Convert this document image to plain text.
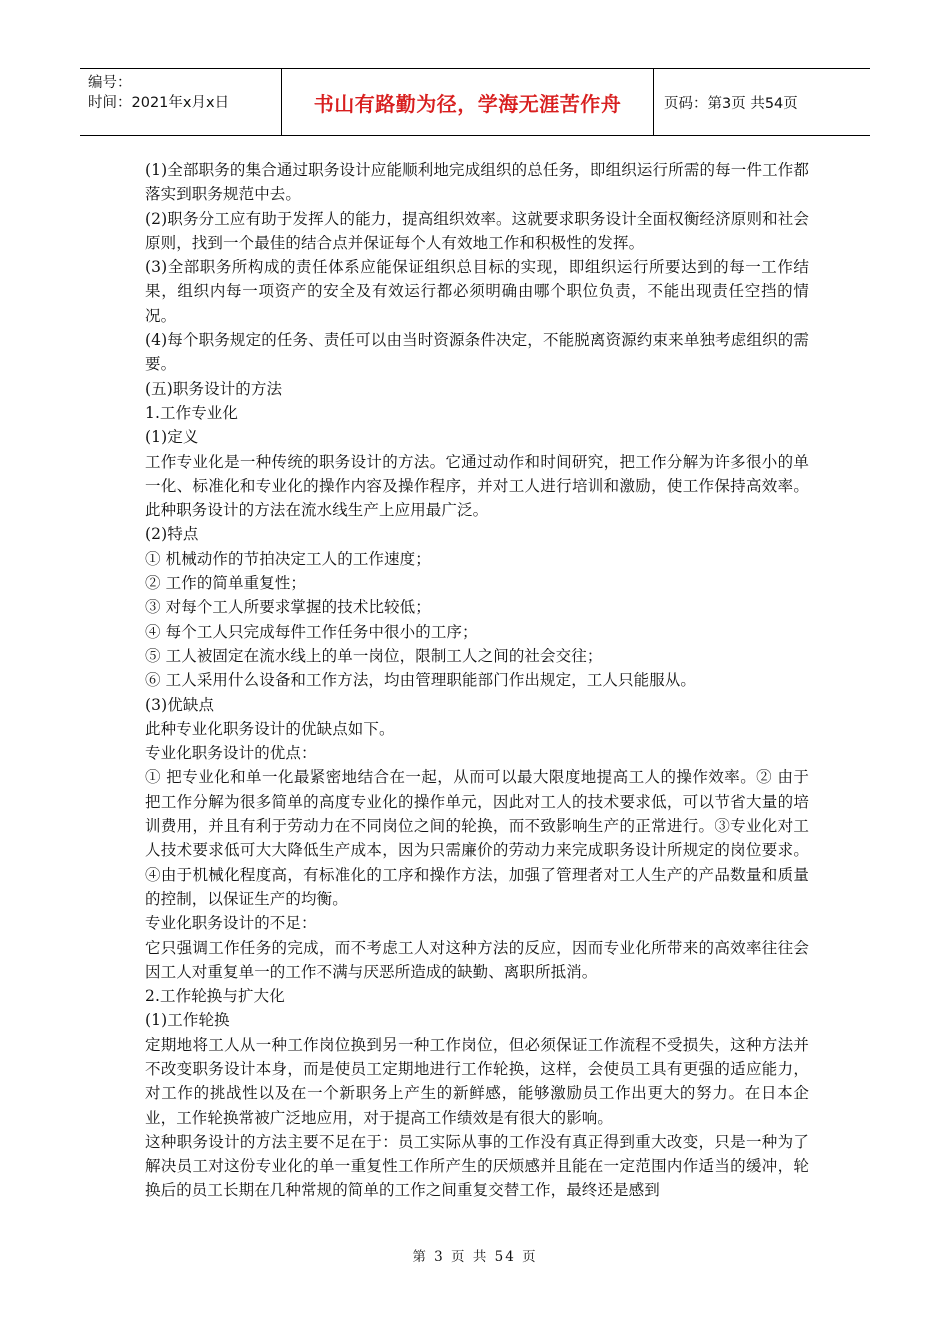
编号：
时间：2021年x月x日	书山有路勤为径，学海无涯苦作舟	页码：第3页 共54页

(1)全部职务的集合通过职务设计应能顺利地完成组织的总任务，即组织运行所需的每一件工作都落实到职务规范中去。

(2)职务分工应有助于发挥人的能力，提高组织效率。这就要求职务设计全面权衡经济原则和社会原则，找到一个最佳的结合点并保证每个人有效地工作和积极性的发挥。

(3)全部职务所构成的责任体系应能保证组织总目标的实现，即组织运行所要达到的每一工作结果，组织内每一项资产的安全及有效运行都必须明确由哪个职位负责，不能出现责任空挡的情况。

(4)每个职务规定的任务、责任可以由当时资源条件决定，不能脱离资源约束来单独考虑组织的需要。

(五)职务设计的方法

1.工作专业化

(1)定义

工作专业化是一种传统的职务设计的方法。它通过动作和时间研究，把工作分解为许多很小的单一化、标准化和专业化的操作内容及操作程序，并对工人进行培训和激励，使工作保持高效率。此种职务设计的方法在流水线生产上应用最广泛。

(2)特点

① 机械动作的节拍决定工人的工作速度；

② 工作的简单重复性；

③ 对每个工人所要求掌握的技术比较低；

④ 每个工人只完成每件工作任务中很小的工序；

⑤ 工人被固定在流水线上的单一岗位，限制工人之间的社会交往；

⑥ 工人采用什么设备和工作方法，均由管理职能部门作出规定，工人只能服从。

(3)优缺点

此种专业化职务设计的优缺点如下。

专业化职务设计的优点：

① 把专业化和单一化最紧密地结合在一起，从而可以最大限度地提高工人的操作效率。② 由于把工作分解为很多简单的高度专业化的操作单元，因此对工人的技术要求低，可以节省大量的培训费用，并且有利于劳动力在不同岗位之间的轮换，而不致影响生产的正常进行。③专业化对工人技术要求低可大大降低生产成本，因为只需廉价的劳动力来完成职务设计所规定的岗位要求。 ④由于机械化程度高，有标准化的工序和操作方法，加强了管理者对工人生产的产品数量和质量的控制，以保证生产的均衡。

专业化职务设计的不足：

它只强调工作任务的完成，而不考虑工人对这种方法的反应，因而专业化所带来的高效率往往会因工人对重复单一的工作不满与厌恶所造成的缺勤、离职所抵消。

2.工作轮换与扩大化

(1)工作轮换

定期地将工人从一种工作岗位换到另一种工作岗位，但必须保证工作流程不受损失，这种方法并不改变职务设计本身，而是使员工定期地进行工作轮换，这样，会使员工具有更强的适应能力，对工作的挑战性以及在一个新职务上产生的新鲜感，能够激励员工作出更大的努力。在日本企业，工作轮换常被广泛地应用，对于提高工作绩效是有很大的影响。

这种职务设计的方法主要不足在于：员工实际从事的工作没有真正得到重大改变，只是一种为了解决员工对这份专业化的单一重复性工作所产生的厌烦感并且能在一定范围内作适当的缓冲，轮换后的员工长期在几种常规的简单的工作之间重复交替工作，最终还是感到

第 3 页 共 54 页
